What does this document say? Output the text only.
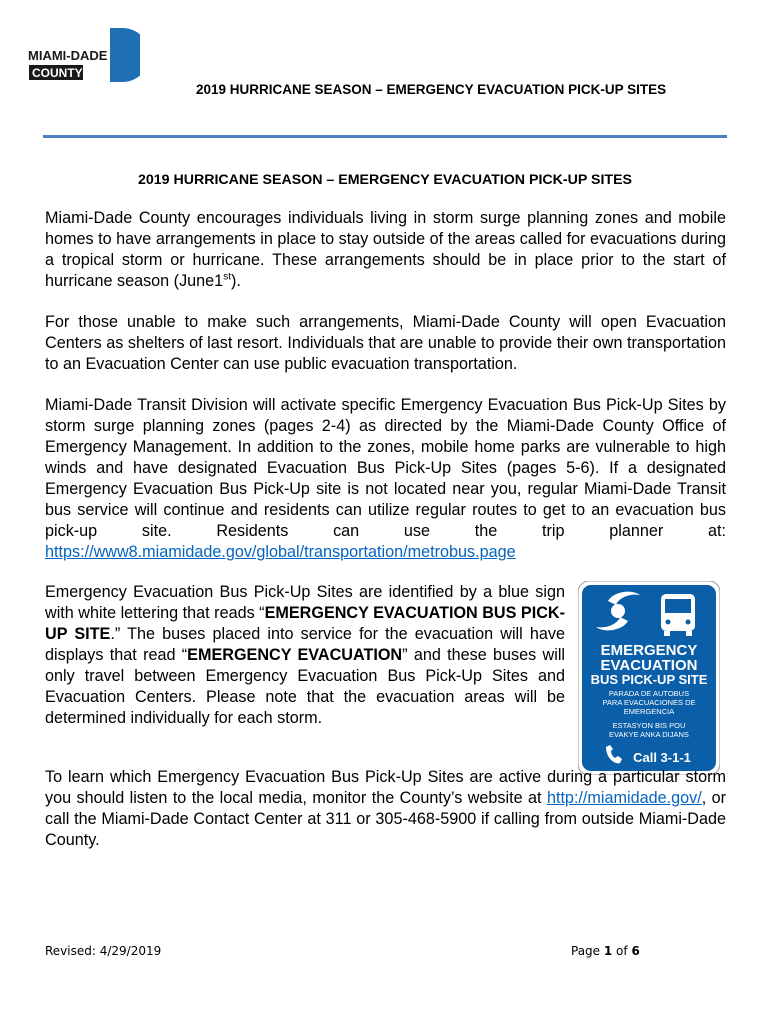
MIAMI-DADE
COUNTY
2019 HURRICANE SEASON – EMERGENCY EVACUATION PICK-UP SITES
2019 HURRICANE SEASON – EMERGENCY EVACUATION PICK-UP SITES

Miami-Dade County encourages individuals living in storm surge planning zones and mobile homes to have arrangements in place to stay outside of the areas called for evacuations during a tropical storm or hurricane. These arrangements should be in place prior to the start of hurricane season (June1st).

For those unable to make such arrangements, Miami-Dade County will open Evacuation Centers as shelters of last resort. Individuals that are unable to provide their own transportation to an Evacuation Center can use public evacuation transportation.

Miami-Dade Transit Division will activate specific Emergency Evacuation Bus Pick-Up Sites by storm surge planning zones (pages 2-4) as directed by the Miami-Dade County Office of Emergency Management. In addition to the zones, mobile home parks are vulnerable to high winds and have designated Evacuation Bus Pick-Up Sites (pages 5-6). If a designated Emergency Evacuation Bus Pick-Up site is not located near you, regular Miami-Dade Transit bus service will continue and residents can utilize regular routes to get to an evacuation bus pick-up site. Residents can use the trip planner at: https://www8.miamidade.gov/global/transportation/metrobus.page

Emergency Evacuation Bus Pick-Up Sites are identified by a blue sign with white lettering that reads “EMERGENCY EVACUATION BUS PICK-UP SITE.” The buses placed into service for the evacuation will have displays that read “EMERGENCY EVACUATION” and these buses will only travel between Emergency Evacuation Bus Pick-Up Sites and Evacuation Centers. Please note that the evacuation areas will be determined individually for each storm.

EMERGENCY
EVACUATION
BUS PICK-UP SITE
PARADA DE AUTOBUS
PARA EVACUACIONES DE
EMERGENCIA
ESTASYON BIS POU
EVAKYE ANKA DIJANS
Call 3-1-1

To learn which Emergency Evacuation Bus Pick-Up Sites are active during a particular storm you should listen to the local media, monitor the County’s website at http://miamidade.gov/, or call the Miami-Dade Contact Center at 311 or 305-468-5900 if calling from outside Miami-Dade County.

Revised: 4/29/2019	Page 1 of 6
